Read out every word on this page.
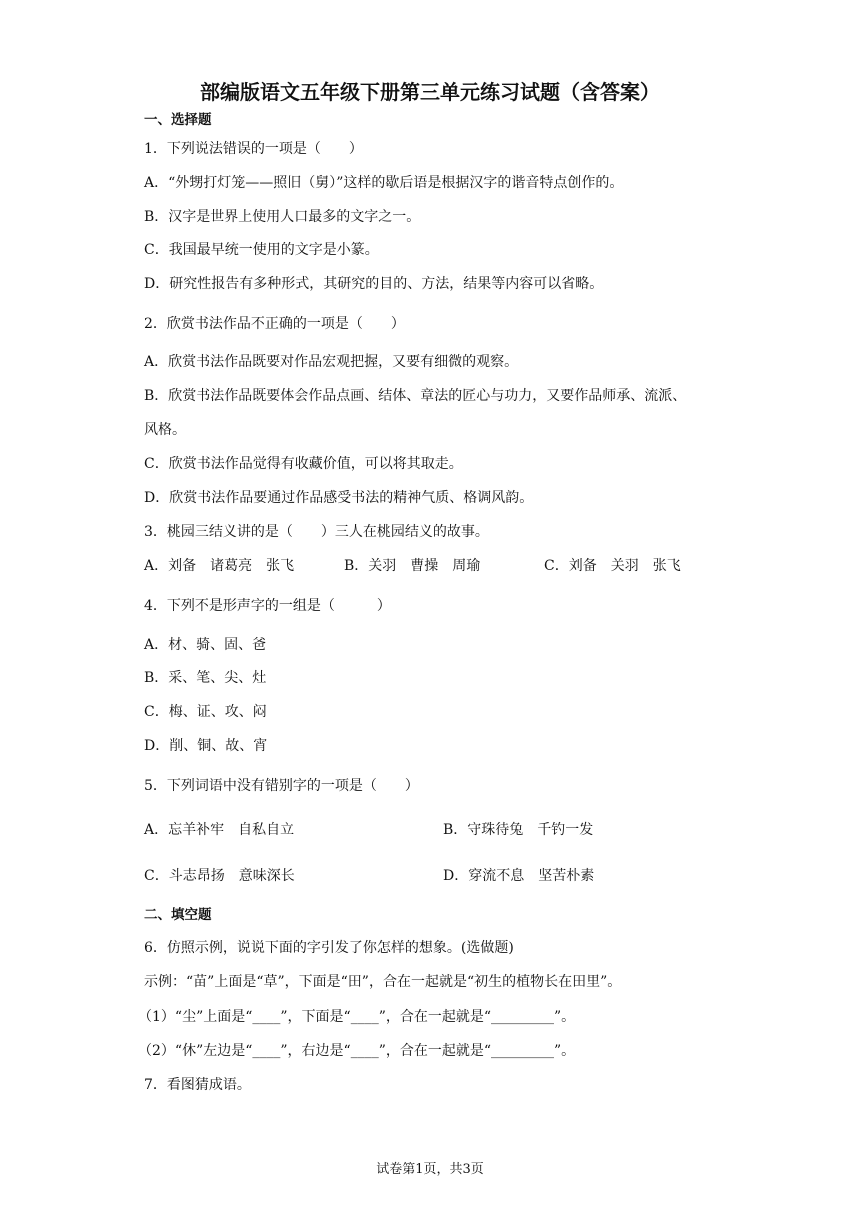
部编版语文五年级下册第三单元练习试题（含答案）
一、选择题
1．下列说法错误的一项是（　　）
A．“外甥打灯笼——照旧（舅）”这样的歇后语是根据汉字的谐音特点创作的。
B．汉字是世界上使用人口最多的文字之一。
C．我国最早统一使用的文字是小篆。
D．研究性报告有多种形式，其研究的目的、方法，结果等内容可以省略。
2．欣赏书法作品不正确的一项是（　　）
A．欣赏书法作品既要对作品宏观把握，又要有细微的观察。
B．欣赏书法作品既要体会作品点画、结体、章法的匠心与功力，又要作品师承、流派、
风格。
C．欣赏书法作品觉得有收藏价值，可以将其取走。
D．欣赏书法作品要通过作品感受书法的精神气质、格调风韵。
3．桃园三结义讲的是（　　）三人在桃园结义的故事。
A．刘备　诸葛亮　张飞	B．关羽　曹操　周瑜	C．刘备　关羽　张飞
4．下列不是形声字的一组是（　　　）
A．材、骑、固、爸
B．采、笔、尖、灶
C．梅、证、攻、闷
D．削、铜、故、宵
5．下列词语中没有错别字的一项是（　　）
A．忘羊补牢　自私自立	B．守珠待兔　千钓一发
C．斗志昂扬　意味深长	D．穿流不息　坚苦朴素
二、填空题
6．仿照示例，说说下面的字引发了你怎样的想象。(选做题)
示例：“苗”上面是“草”，下面是“田”，合在一起就是“初生的植物长在田里”。
（1）“尘”上面是“____”，下面是“____”，合在一起就是“_________”。
（2）“休”左边是“____”，右边是“____”，合在一起就是“_________”。
7．看图猜成语。
试卷第1页，共3页
